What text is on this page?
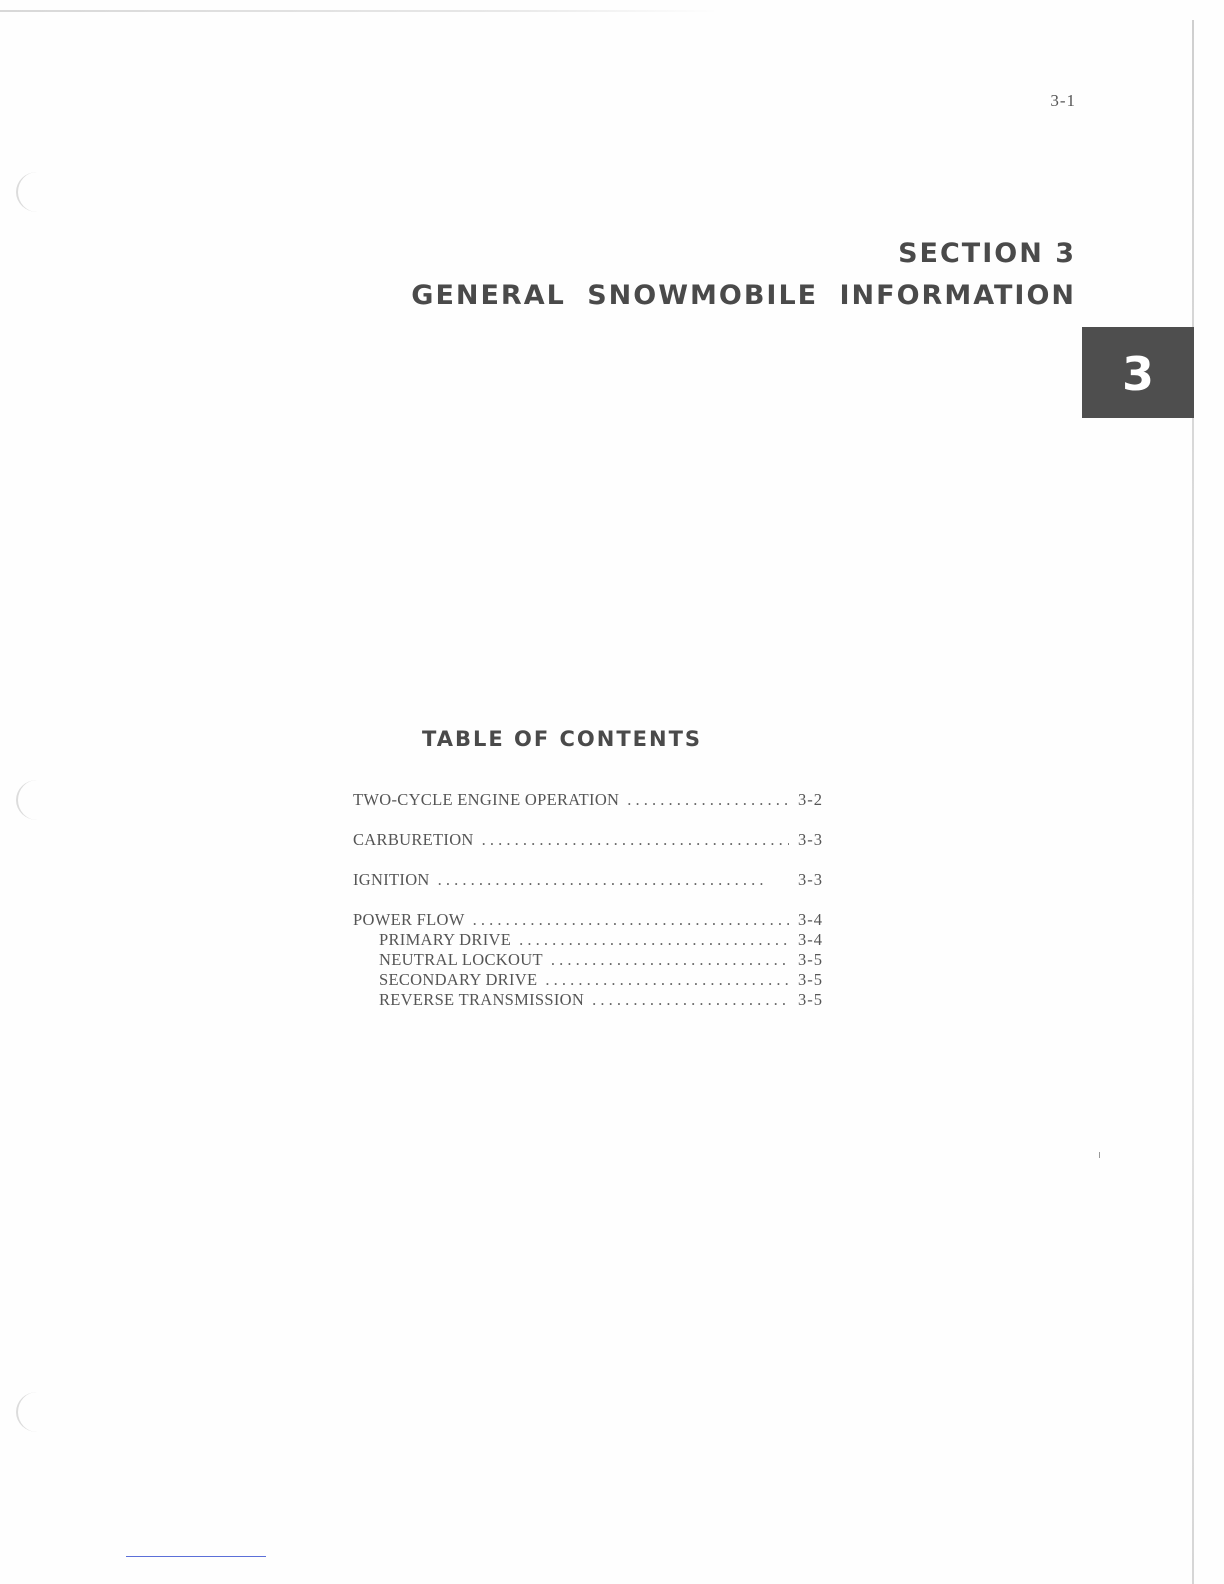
3-1
SECTION 3
GENERAL SNOWMOBILE INFORMATION
3
TABLE OF CONTENTS
TWO-CYCLE ENGINE OPERATION . . .	3-2
CARBURETION . . .	3-3
IGNITION . . .	3-3
POWER FLOW . . .	3-4
PRIMARY DRIVE . . .	3-4
NEUTRAL LOCKOUT . . .	3-5
SECONDARY DRIVE . . .	3-5
REVERSE TRANSMISSION . . .	3-5
